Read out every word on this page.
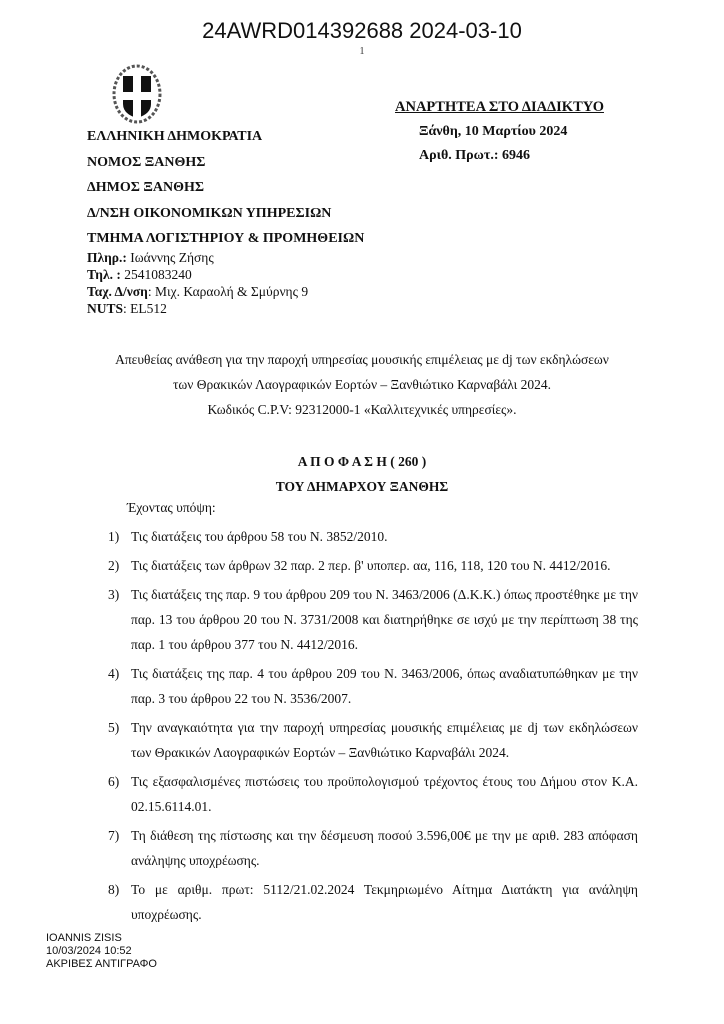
24AWRD014392688 2024-03-10
1
ΕΛΛΗΝΙΚΗ ΔΗΜΟΚΡΑΤΙΑ
ΝΟΜΟΣ ΞΑΝΘΗΣ
ΔΗΜΟΣ ΞΑΝΘΗΣ
Δ/ΝΣΗ ΟΙΚΟΝΟΜΙΚΩΝ ΥΠΗΡΕΣΙΩΝ
ΤΜΗΜΑ ΛΟΓΙΣΤΗΡΙΟΥ & ΠΡΟΜΗΘΕΙΩΝ
ΑΝΑΡΤΗΤΕΑ ΣΤΟ ΔΙΑΔΙΚΤΥΟ
Ξάνθη, 10 Μαρτίου 2024
Αριθ. Πρωτ.: 6946
Πληρ.: Ιωάννης Ζήσης
Τηλ. : 2541083240
Ταχ. Δ/νση: Μιχ. Καραολή & Σμύρνης 9
NUTS: EL512
Απευθείας ανάθεση για την παροχή υπηρεσίας μουσικής επιμέλειας με dj των εκδηλώσεων
των Θρακικών Λαογραφικών Εορτών – Ξανθιώτικο Καρναβάλι 2024.
Κωδικός C.P.V: 92312000-1 «Καλλιτεχνικές υπηρεσίες».
Α Π Ο Φ Α Σ Η ( 260 )
ΤΟΥ ΔΗΜΑΡΧΟΥ ΞΑΝΘΗΣ
Έχοντας υπόψη:
1) Τις διατάξεις του άρθρου 58 του Ν. 3852/2010.
2) Τις διατάξεις των άρθρων 32 παρ. 2 περ. β' υποπερ. αα, 116, 118, 120 του Ν. 4412/2016.
3) Τις διατάξεις της παρ. 9 του άρθρου 209 του Ν. 3463/2006 (Δ.Κ.Κ.) όπως προστέθηκε με την παρ. 13 του άρθρου 20 του Ν. 3731/2008 και διατηρήθηκε σε ισχύ με την περίπτωση 38 της παρ. 1 του άρθρου 377 του Ν. 4412/2016.
4) Τις διατάξεις της παρ. 4 του άρθρου 209 του Ν. 3463/2006, όπως αναδιατυπώθηκαν με την παρ. 3 του άρθρου 22 του Ν. 3536/2007.
5) Την αναγκαιότητα για την παροχή υπηρεσίας μουσικής επιμέλειας με dj των εκδηλώσεων των Θρακικών Λαογραφικών Εορτών – Ξανθιώτικο Καρναβάλι 2024.
6) Τις εξασφαλισμένες πιστώσεις του προϋπολογισμού τρέχοντος έτους του Δήμου στον Κ.Α. 02.15.6114.01.
7) Τη διάθεση της πίστωσης και την δέσμευση ποσού 3.596,00€ με την με αριθ. 283 απόφαση ανάληψης υποχρέωσης.
8) Το με αριθμ. πρωτ: 5112/21.02.2024 Τεκμηριωμένο Αίτημα Διατάκτη για ανάληψη υποχρέωσης.
IOANNIS ZISIS
10/03/2024 10:52
ΑΚΡΙΒΕΣ ΑΝΤΙΓΡΑΦΟ
